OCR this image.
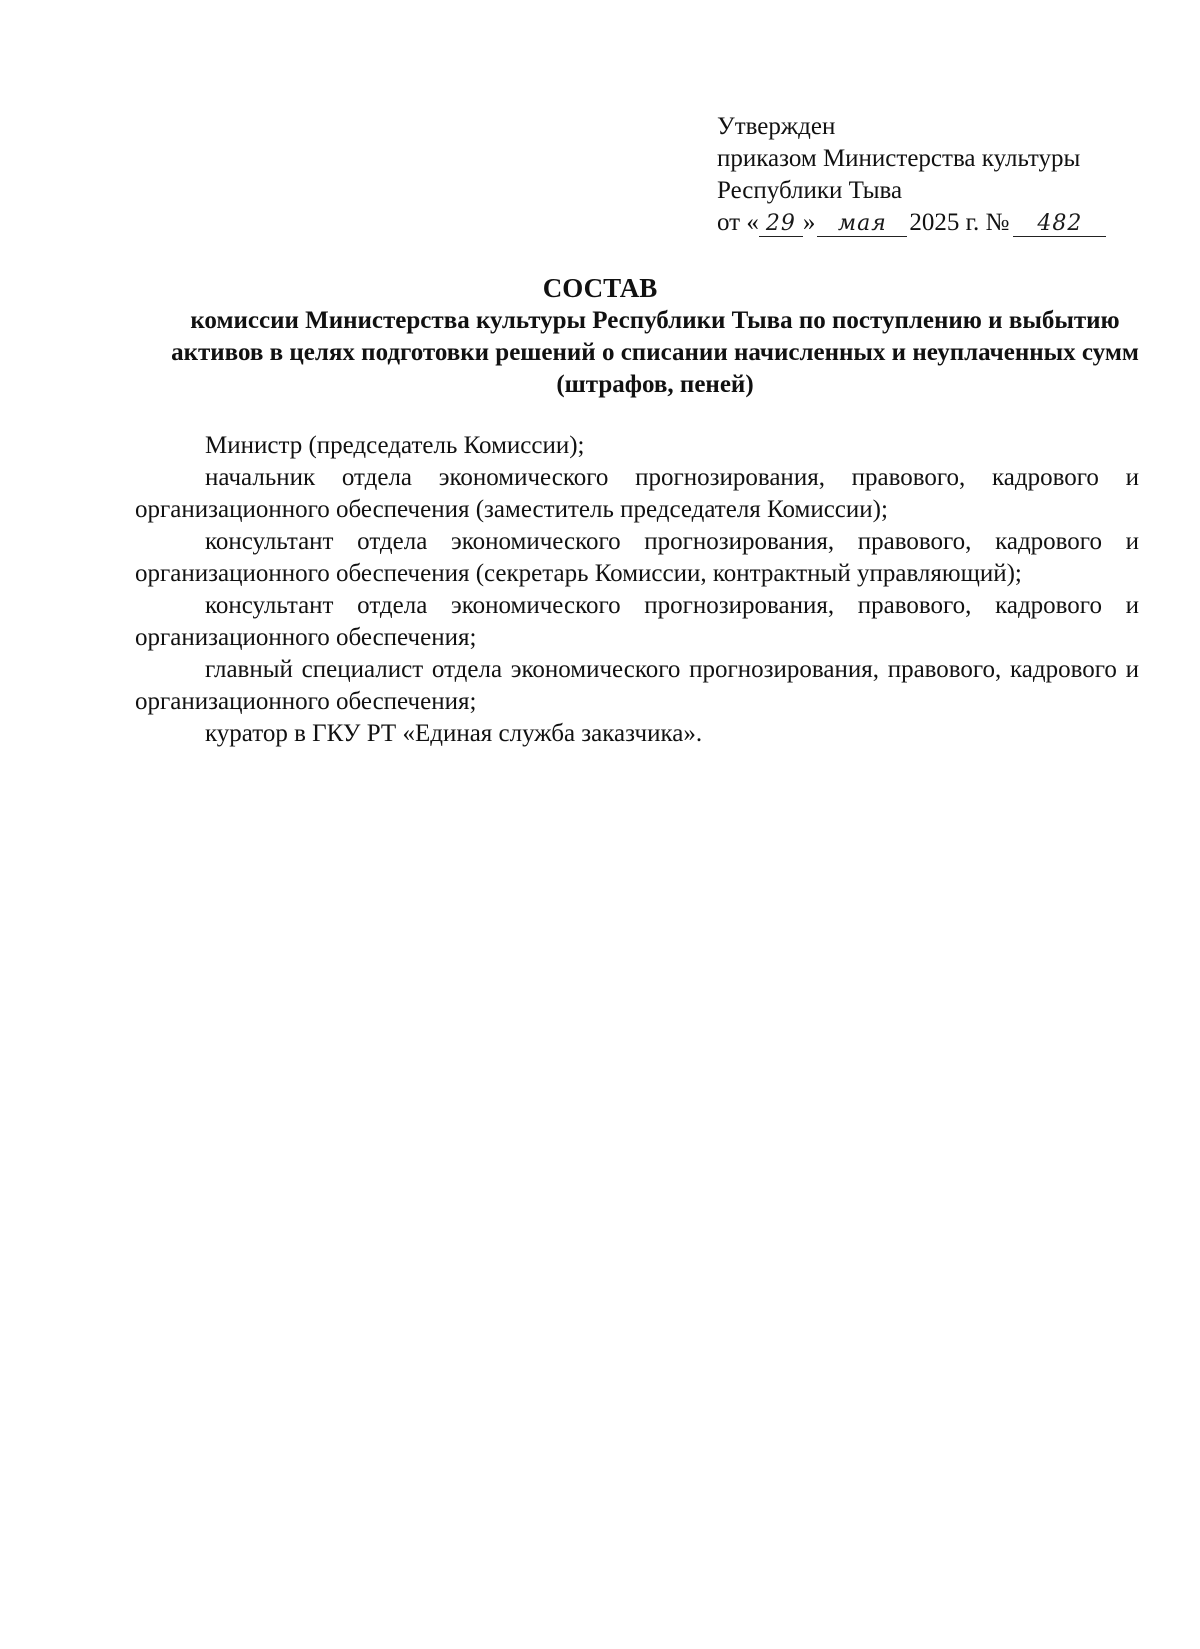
Утвержден
приказом Министерства культуры
Республики Тыва
от « 29 » мая 2025 г. № 482
СОСТАВ
комиссии Министерства культуры Республики Тыва по поступлению и выбытию активов в целях подготовки решений о списании начисленных и неуплаченных сумм (штрафов, пеней)

Министр (председатель Комиссии);

начальник отдела экономического прогнозирования, правового, кадрового и организационного обеспечения (заместитель председателя Комиссии);

консультант отдела экономического прогнозирования, правового, кадрового и организационного обеспечения (секретарь Комиссии, контрактный управляющий);

консультант отдела экономического прогнозирования, правового, кадрового и организационного обеспечения;

главный специалист отдела экономического прогнозирования, правового, кадрового и организационного обеспечения;

куратор в ГКУ РТ «Единая служба заказчика».
